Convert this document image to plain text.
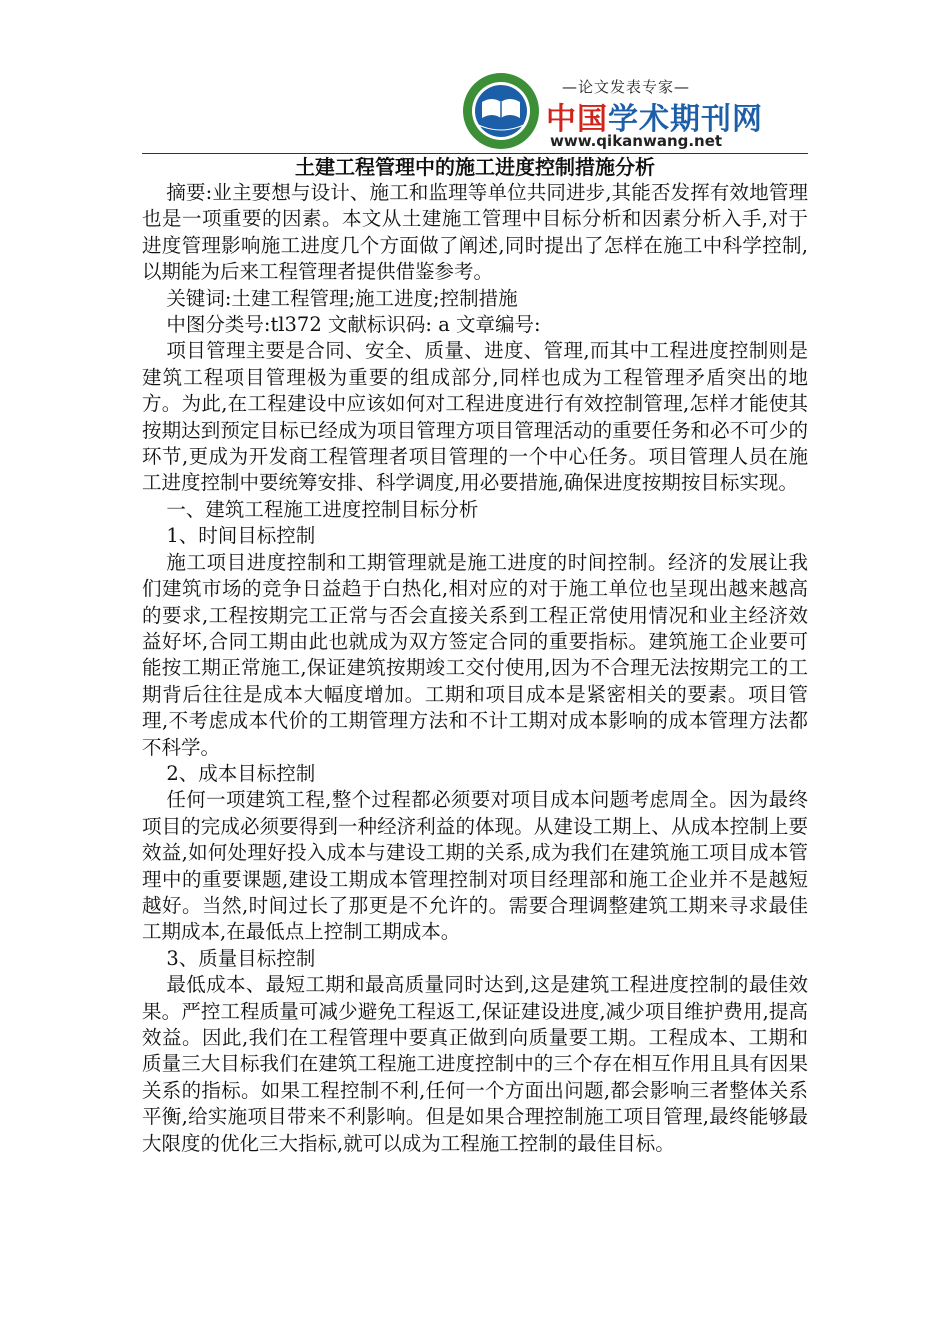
—论文发表专家—
中国学术期刊网
www.qikanwang.net
土建工程管理中的施工进度控制措施分析

摘要:业主要想与设计、施工和监理等单位共同进步,其能否发挥有效地管理也是一项重要的因素。本文从土建施工管理中目标分析和因素分析入手,对于进度管理影响施工进度几个方面做了阐述,同时提出了怎样在施工中科学控制,以期能为后来工程管理者提供借鉴参考。

关键词:土建工程管理;施工进度;控制措施

中图分类号:tl372 文献标识码: a 文章编号:

项目管理主要是合同、安全、质量、进度、管理,而其中工程进度控制则是建筑工程项目管理极为重要的组成部分,同样也成为工程管理矛盾突出的地方。为此,在工程建设中应该如何对工程进度进行有效控制管理,怎样才能使其按期达到预定目标已经成为项目管理方项目管理活动的重要任务和必不可少的环节,更成为开发商工程管理者项目管理的一个中心任务。项目管理人员在施工进度控制中要统筹安排、科学调度,用必要措施,确保进度按期按目标实现。

一、建筑工程施工进度控制目标分析

1、时间目标控制

施工项目进度控制和工期管理就是施工进度的时间控制。经济的发展让我们建筑市场的竞争日益趋于白热化,相对应的对于施工单位也呈现出越来越高的要求,工程按期完工正常与否会直接关系到工程正常使用情况和业主经济效益好坏,合同工期由此也就成为双方签定合同的重要指标。建筑施工企业要可能按工期正常施工,保证建筑按期竣工交付使用,因为不合理无法按期完工的工期背后往往是成本大幅度增加。工期和项目成本是紧密相关的要素。项目管理,不考虑成本代价的工期管理方法和不计工期对成本影响的成本管理方法都不科学。

2、成本目标控制

任何一项建筑工程,整个过程都必须要对项目成本问题考虑周全。因为最终项目的完成必须要得到一种经济利益的体现。从建设工期上、从成本控制上要效益,如何处理好投入成本与建设工期的关系,成为我们在建筑施工项目成本管理中的重要课题,建设工期成本管理控制对项目经理部和施工企业并不是越短越好。当然,时间过长了那更是不允许的。需要合理调整建筑工期来寻求最佳工期成本,在最低点上控制工期成本。

3、质量目标控制

最低成本、最短工期和最高质量同时达到,这是建筑工程进度控制的最佳效果。严控工程质量可减少避免工程返工,保证建设进度,减少项目维护费用,提高效益。因此,我们在工程管理中要真正做到向质量要工期。工程成本、工期和质量三大目标我们在建筑工程施工进度控制中的三个存在相互作用且具有因果关系的指标。如果工程控制不利,任何一个方面出问题,都会影响三者整体关系平衡,给实施项目带来不利影响。但是如果合理控制施工项目管理,最终能够最大限度的优化三大指标,就可以成为工程施工控制的最佳目标。
